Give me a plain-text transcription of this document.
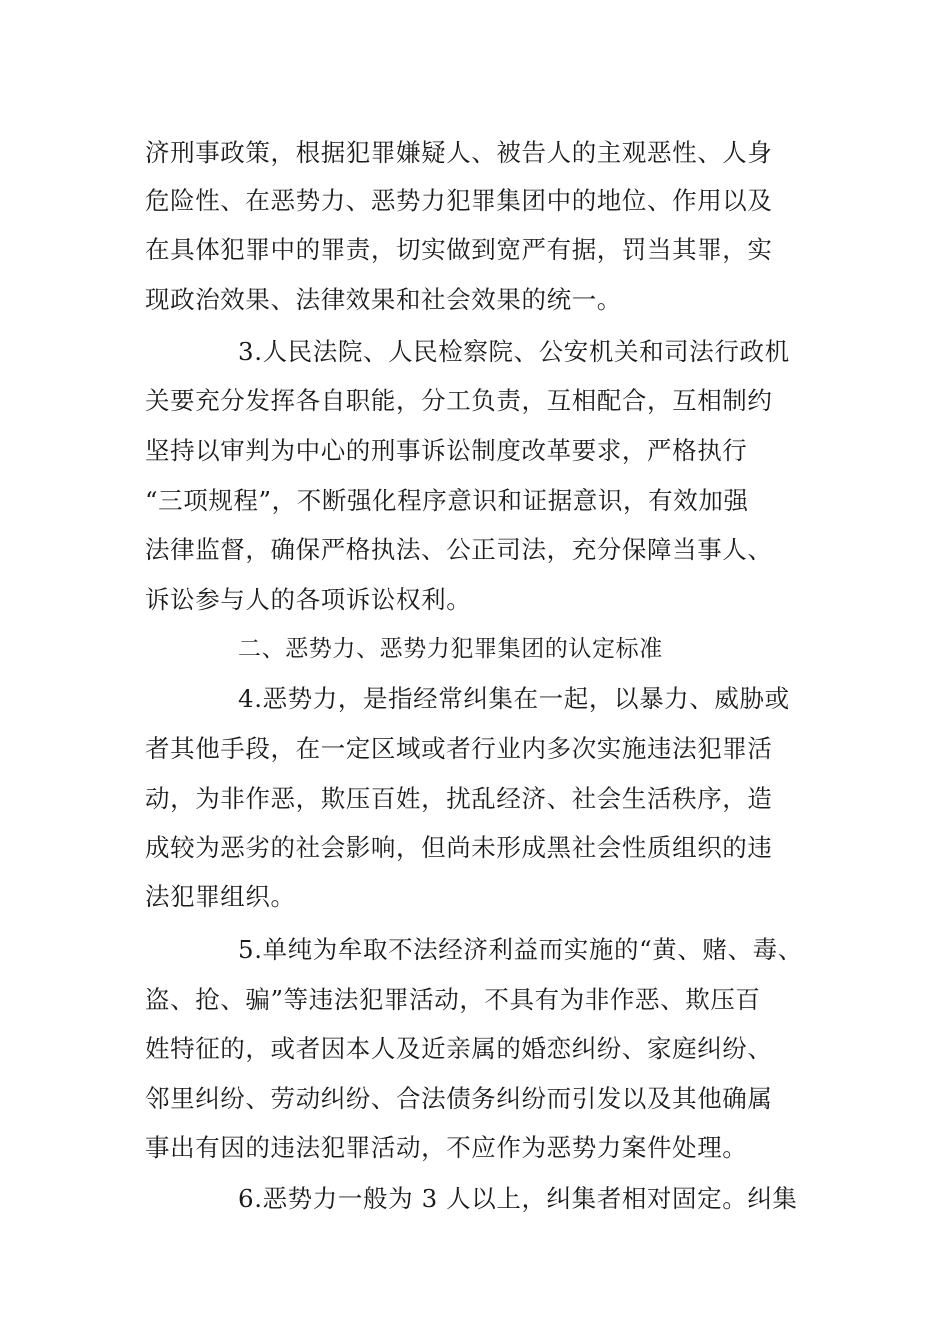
济刑事政策，根据犯罪嫌疑人、被告人的主观恶性、人身
危险性、在恶势力、恶势力犯罪集团中的地位、作用以及
在具体犯罪中的罪责，切实做到宽严有据，罚当其罪，实
现政治效果、法律效果和社会效果的统一。
3.人民法院、人民检察院、公安机关和司法行政机
关要充分发挥各自职能，分工负责，互相配合，互相制约
坚持以审判为中心的刑事诉讼制度改革要求，严格执行
“三项规程”，不断强化程序意识和证据意识，有效加强
法律监督，确保严格执法、公正司法，充分保障当事人、
诉讼参与人的各项诉讼权利。
二、恶势力、恶势力犯罪集团的认定标准
4.恶势力，是指经常纠集在一起，以暴力、威胁或
者其他手段，在一定区域或者行业内多次实施违法犯罪活
动，为非作恶，欺压百姓，扰乱经济、社会生活秩序，造
成较为恶劣的社会影响，但尚未形成黑社会性质组织的违
法犯罪组织。
5.单纯为牟取不法经济利益而实施的“黄、赌、毒、
盗、抢、骗”等违法犯罪活动，不具有为非作恶、欺压百
姓特征的，或者因本人及近亲属的婚恋纠纷、家庭纠纷、
邻里纠纷、劳动纠纷、合法债务纠纷而引发以及其他确属
事出有因的违法犯罪活动，不应作为恶势力案件处理。
6.恶势力一般为 3 人以上，纠集者相对固定。纠集
